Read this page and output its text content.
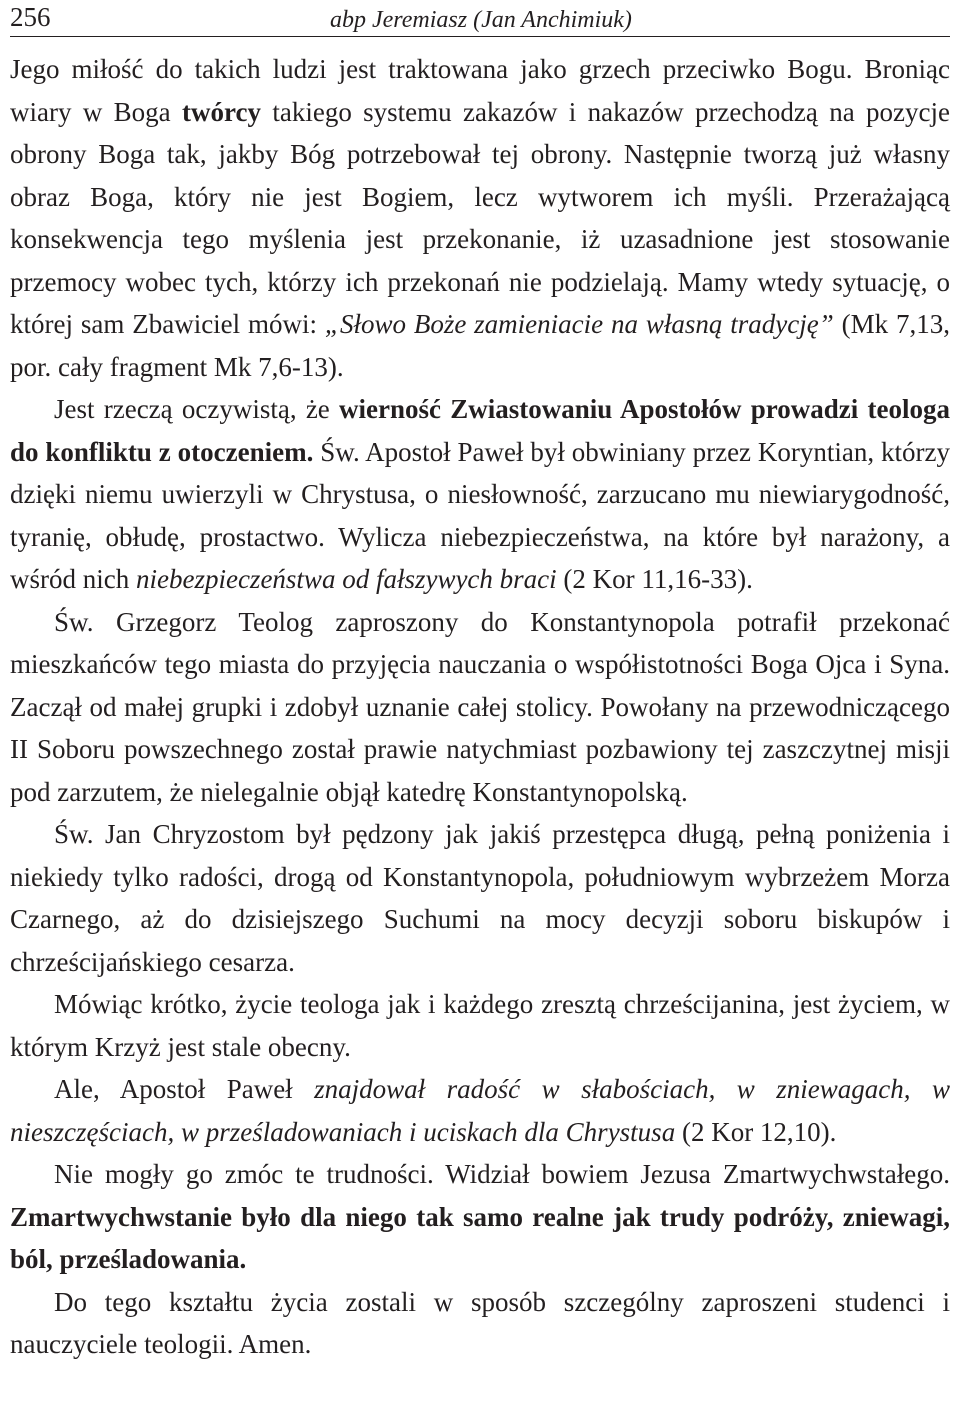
256	abp Jeremiasz (Jan Anchimiuk)

Jego miłość do takich ludzi jest traktowana jako grzech przeciwko Bogu. Broniąc wiary w Boga twórcy takiego systemu zakazów i nakazów przechodzą na pozycje obrony Boga tak, jakby Bóg potrzebował tej obrony. Następnie tworzą już własny obraz Boga, który nie jest Bogiem, lecz wytworem ich myśli. Przerażającą konsekwencja tego myślenia jest przekonanie, iż uzasadnione jest stosowanie przemocy wobec tych, którzy ich przekonań nie podzielają. Mamy wtedy sytuację, o której sam Zbawiciel mówi: „Słowo Boże zamieniacie na własną tradycję” (Mk 7,13, por. cały fragment Mk 7,6-13).

Jest rzeczą oczywistą, że wierność Zwiastowaniu Apostołów prowadzi teologa do konfliktu z otoczeniem. Św. Apostoł Paweł był obwiniany przez Koryntian, którzy dzięki niemu uwierzyli w Chrystusa, o niesłowność, zarzucano mu niewiarygodność, tyranię, obłudę, prostactwo. Wylicza niebezpieczeństwa, na które był narażony, a wśród nich niebezpieczeństwa od fałszywych braci (2 Kor 11,16-33).

Św. Grzegorz Teolog zaproszony do Konstantynopola potrafił przekonać mieszkańców tego miasta do przyjęcia nauczania o współistotności Boga Ojca i Syna. Zaczął od małej grupki i zdobył uznanie całej stolicy. Powołany na przewodniczącego II Soboru powszechnego został prawie natychmiast pozbawiony tej zaszczytnej misji pod zarzutem, że nielegalnie objął katedrę Konstantynopolską.

Św. Jan Chryzostom był pędzony jak jakiś przestępca długą, pełną poniżenia i niekiedy tylko radości, drogą od Konstantynopola, południowym wybrzeżem Morza Czarnego, aż do dzisiejszego Suchumi na mocy decyzji soboru biskupów i chrześcijańskiego cesarza.

Mówiąc krótko, życie teologa jak i każdego zresztą chrześcijanina, jest życiem, w którym Krzyż jest stale obecny.

Ale, Apostoł Paweł znajdował radość w słabościach, w zniewagach, w nieszczęściach, w prześladowaniach i uciskach dla Chrystusa (2 Kor 12,10).

Nie mogły go zmóc te trudności. Widział bowiem Jezusa Zmartwychwstałego. Zmartwychwstanie było dla niego tak samo realne jak trudy podróży, zniewagi, ból, prześladowania.

Do tego kształtu życia zostali w sposób szczególny zaproszeni studenci i nauczyciele teologii. Amen.
